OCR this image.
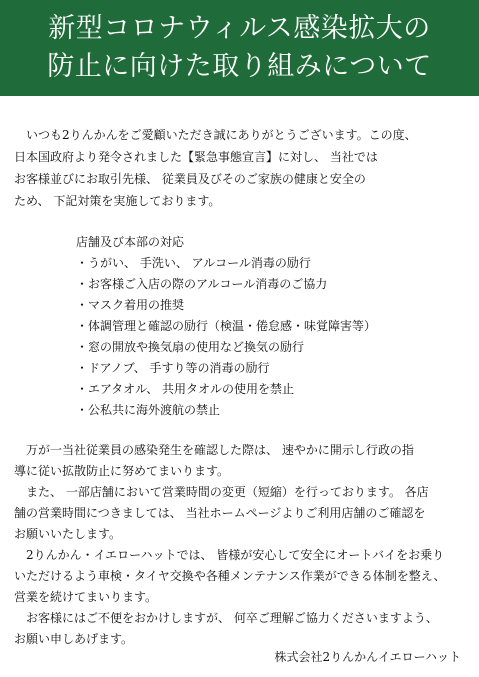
新型コロナウィルス感染拡大の
防止に向けた取り組みについて
　いつも2りんかんをご愛顧いただき誠にありがとうございます。この度、
日本国政府より発令されました【緊急事態宣言】に対し、 当社では
お客様並びにお取引先様、 従業員及びそのご家族の健康と安全の
ため、 下記対策を実施しております。
店舗及び本部の対応
・うがい、 手洗い、 アルコール消毒の励行
・お客様ご入店の際のアルコール消毒のご協力
・マスク着用の推奨
・体調管理と確認の励行（検温・倦怠感・味覚障害等）
・窓の開放や換気扇の使用など換気の励行
・ドアノブ、 手すり等の消毒の励行
・エアタオル、 共用タオルの使用を禁止
・公私共に海外渡航の禁止
　万が一当社従業員の感染発生を確認した際は、 速やかに開示し行政の指
導に従い拡散防止に努めてまいります。
　また、 一部店舗において営業時間の変更（短縮）を行っております。 各店
舗の営業時間につきましては、 当社ホームページよりご利用店舗のご確認を
お願いいたします。
　2りんかん・イエローハットでは、 皆様が安心して安全にオートバイをお乗り
いただけるよう車検・タイヤ交換や各種メンテナンス作業ができる体制を整え、
営業を続けてまいります。
　お客様にはご不便をおかけしますが、 何卒ご理解ご協力くださいますよう、
お願い申しあげます。
株式会社2りんかんイエローハット
